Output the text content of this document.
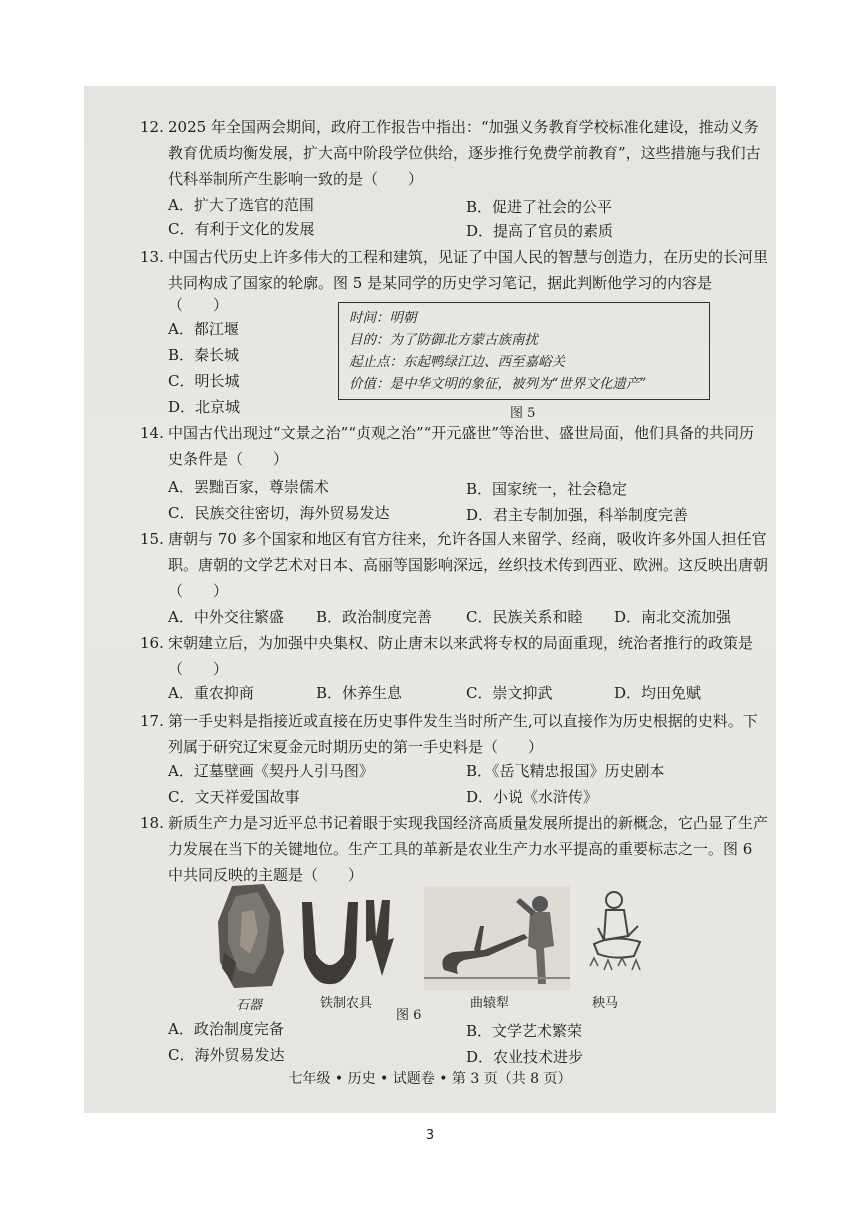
12. 2025 年全国两会期间，政府工作报告中指出：“加强义务教育学校标准化建设，推动义务教育优质均衡发展，扩大高中阶段学位供给，逐步推行免费学前教育”，这些措施与我们古代科举制所产生影响一致的是（　　）
A．扩大了选官的范围	B．促进了社会的公平
C．有利于文化的发展	D．提高了官员的素质
13. 中国古代历史上许多伟大的工程和建筑，见证了中国人民的智慧与创造力，在历史的长河里共同构成了国家的轮廓。图 5 是某同学的历史学习笔记，据此判断他学习的内容是
（　　）
A．都江堰
B．秦长城
C．明长城
D．北京城
时间：明朝
目的：为了防御北方蒙古族南扰
起止点：东起鸭绿江边、西至嘉峪关
价值：是中华文明的象征，被列为“世界文化遗产”
图 5
14. 中国古代出现过“文景之治”“贞观之治”“开元盛世”等治世、盛世局面，他们具备的共同历史条件是（　　）
A．罢黜百家，尊崇儒术	B．国家统一，社会稳定
C．民族交往密切，海外贸易发达	D．君主专制加强，科举制度完善
15. 唐朝与 70 多个国家和地区有官方往来，允许各国人来留学、经商，吸收许多外国人担任官职。唐朝的文学艺术对日本、高丽等国影响深远，丝织技术传到西亚、欧洲。这反映出唐朝（　　）
A．中外交往繁盛 B．政治制度完善 C．民族关系和睦 D．南北交流加强
16. 宋朝建立后，为加强中央集权、防止唐末以来武将专权的局面重现，统治者推行的政策是（　　）
A．重农抑商	B．休养生息	C．崇文抑武	D．均田免赋
17. 第一手史料是指接近或直接在历史事件发生当时所产生,可以直接作为历史根据的史料。下列属于研究辽宋夏金元时期历史的第一手史料是（　　）
A．辽墓壁画《契丹人引马图》	B．《岳飞精忠报国》历史剧本
C．文天祥爱国故事	D．小说《水浒传》
18. 新质生产力是习近平总书记着眼于实现我国经济高质量发展所提出的新概念，它凸显了生产力发展在当下的关键地位。生产工具的革新是农业生产力水平提高的重要标志之一。图 6 中共同反映的主题是（　　）
石器	铁制农具	曲辕犁	秧马
图 6
A．政治制度完备	B．文学艺术繁荣
C．海外贸易发达	D．农业技术进步
七年级 • 历史 • 试题卷 • 第 3 页（共 8 页）
3
